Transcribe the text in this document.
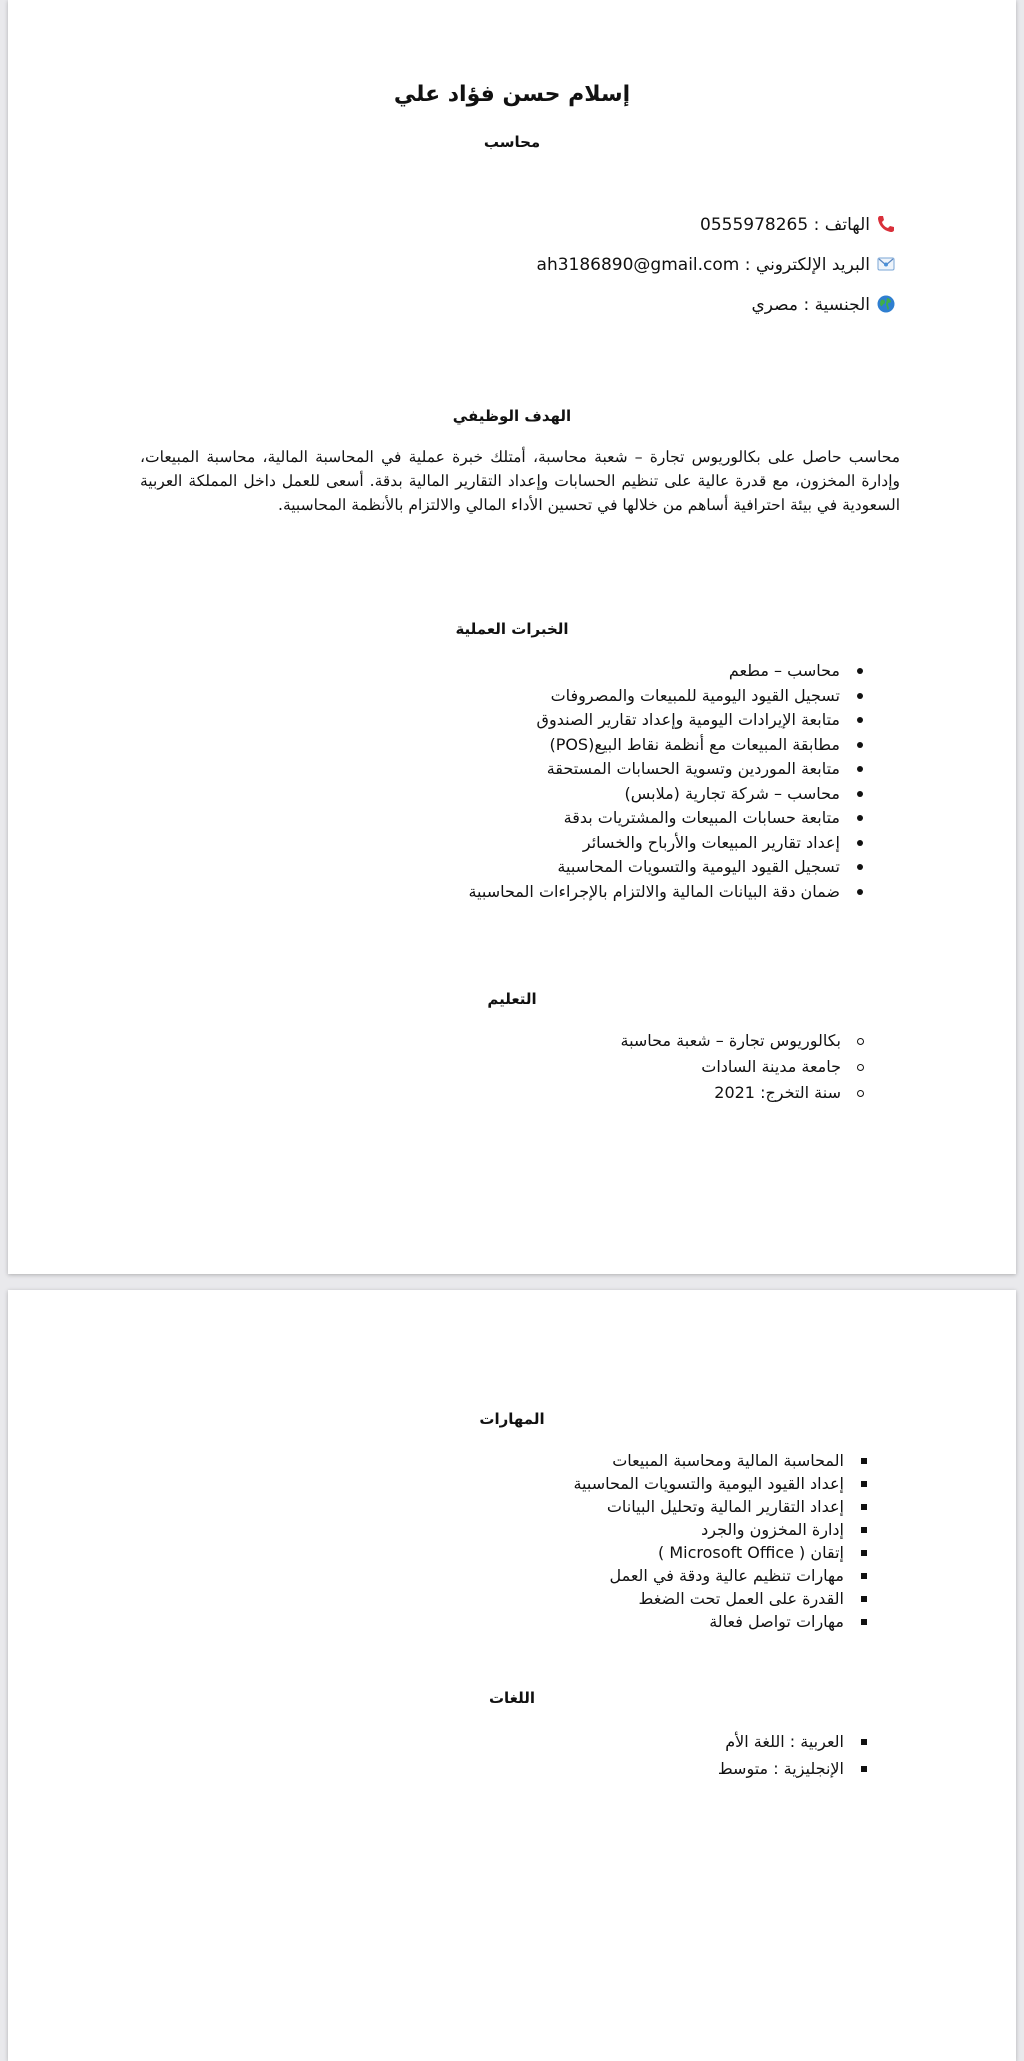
إسلام حسن فؤاد علي
محاسب
الهاتف : 0555978265
البريد الإلكتروني : ah3186890@gmail.com
الجنسية : مصري
الهدف الوظيفي
محاسب حاصل على بكالوريوس تجارة – شعبة محاسبة، أمتلك خبرة عملية في المحاسبة المالية، محاسبة المبيعات، وإدارة المخزون، مع قدرة عالية على تنظيم الحسابات وإعداد التقارير المالية بدقة. أسعى للعمل داخل المملكة العربية السعودية في بيئة احترافية أساهم من خلالها في تحسين الأداء المالي والالتزام بالأنظمة المحاسبية.
الخبرات العملية
محاسب – مطعم
تسجيل القيود اليومية للمبيعات والمصروفات
متابعة الإيرادات اليومية وإعداد تقارير الصندوق
مطابقة المبيعات مع أنظمة نقاط البيع(POS)
متابعة الموردين وتسوية الحسابات المستحقة
محاسب – شركة تجارية (ملابس)
متابعة حسابات المبيعات والمشتريات بدقة
إعداد تقارير المبيعات والأرباح والخسائر
تسجيل القيود اليومية والتسويات المحاسبية
ضمان دقة البيانات المالية والالتزام بالإجراءات المحاسبية
التعليم
بكالوريوس تجارة – شعبة محاسبة
جامعة مدينة السادات
سنة التخرج: 2021
المهارات
المحاسبة المالية ومحاسبة المبيعات
إعداد القيود اليومية والتسويات المحاسبية
إعداد التقارير المالية وتحليل البيانات
إدارة المخزون والجرد
إتقان ( Microsoft Office )
مهارات تنظيم عالية ودقة في العمل
القدرة على العمل تحت الضغط
مهارات تواصل فعالة
اللغات
العربية : اللغة الأم
الإنجليزية : متوسط
